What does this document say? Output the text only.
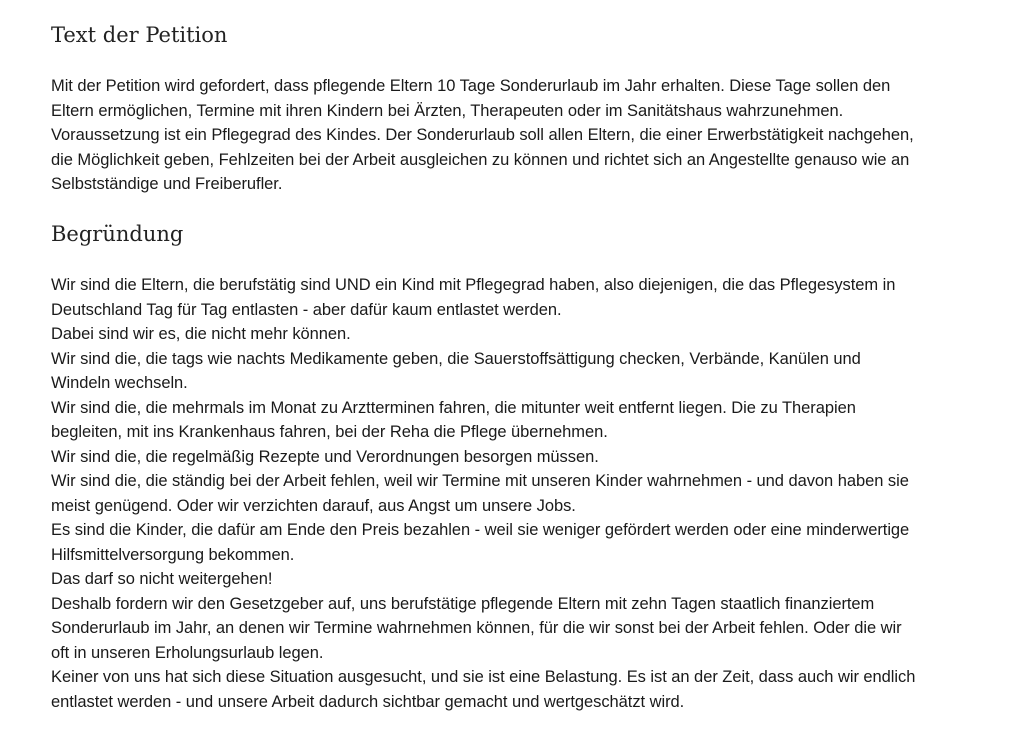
Text der Petition

Mit der Petition wird gefordert, dass pflegende Eltern 10 Tage Sonderurlaub im Jahr erhalten. Diese Tage sollen den
Eltern ermöglichen, Termine mit ihren Kindern bei Ärzten, Therapeuten oder im Sanitätshaus wahrzunehmen.
Voraussetzung ist ein Pflegegrad des Kindes. Der Sonderurlaub soll allen Eltern, die einer Erwerbstätigkeit nachgehen,
die Möglichkeit geben, Fehlzeiten bei der Arbeit ausgleichen zu können und richtet sich an Angestellte genauso wie an
Selbstständige und Freiberufler.

Begründung

Wir sind die Eltern, die berufstätig sind UND ein Kind mit Pflegegrad haben, also diejenigen, die das Pflegesystem in
Deutschland Tag für Tag entlasten - aber dafür kaum entlastet werden.
Dabei sind wir es, die nicht mehr können.
Wir sind die, die tags wie nachts Medikamente geben, die Sauerstoffsättigung checken, Verbände, Kanülen und
Windeln wechseln.
Wir sind die, die mehrmals im Monat zu Arztterminen fahren, die mitunter weit entfernt liegen. Die zu Therapien
begleiten, mit ins Krankenhaus fahren, bei der Reha die Pflege übernehmen.
Wir sind die, die regelmäßig Rezepte und Verordnungen besorgen müssen.
Wir sind die, die ständig bei der Arbeit fehlen, weil wir Termine mit unseren Kinder wahrnehmen - und davon haben sie
meist genügend. Oder wir verzichten darauf, aus Angst um unsere Jobs.
Es sind die Kinder, die dafür am Ende den Preis bezahlen - weil sie weniger gefördert werden oder eine minderwertige
Hilfsmittelversorgung bekommen.
Das darf so nicht weitergehen!
Deshalb fordern wir den Gesetzgeber auf, uns berufstätige pflegende Eltern mit zehn Tagen staatlich finanziertem
Sonderurlaub im Jahr, an denen wir Termine wahrnehmen können, für die wir sonst bei der Arbeit fehlen. Oder die wir
oft in unseren Erholungsurlaub legen.
Keiner von uns hat sich diese Situation ausgesucht, und sie ist eine Belastung. Es ist an der Zeit, dass auch wir endlich
entlastet werden - und unsere Arbeit dadurch sichtbar gemacht und wertgeschätzt wird.
